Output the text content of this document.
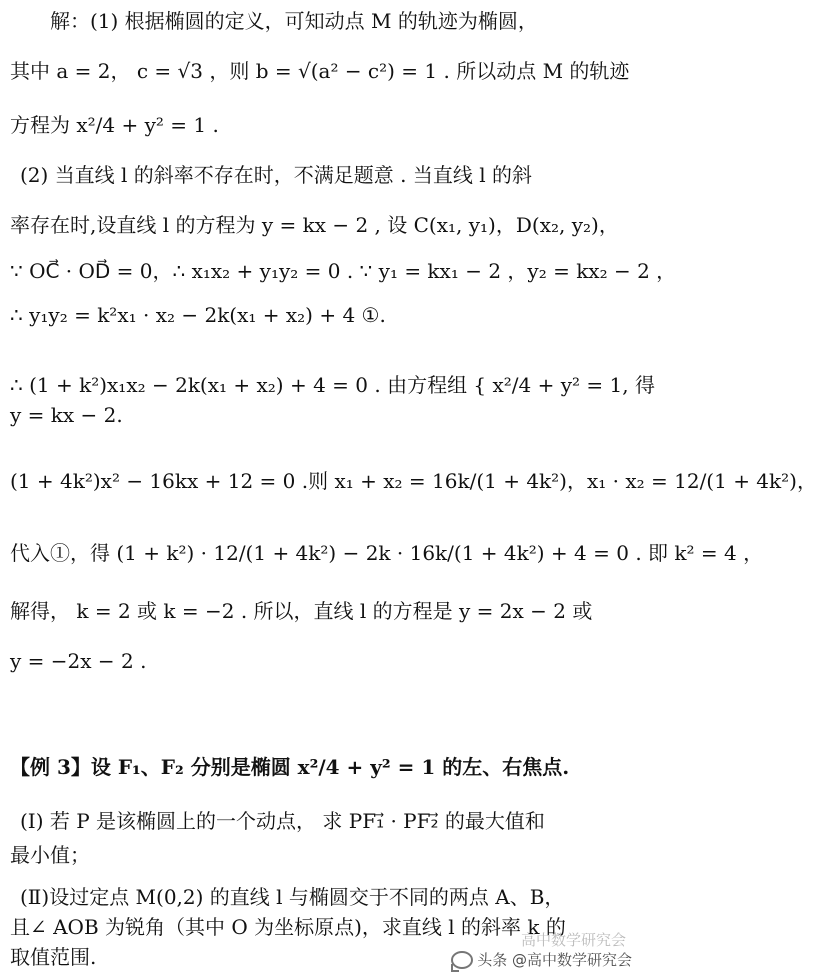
解：(1) 根据椭圆的定义，可知动点 M 的轨迹为椭圆，
其中 a = 2， c = √3 ，则 b = √(a² − c²) = 1 . 所以动点 M 的轨迹
方程为 x²/4 + y² = 1 .
(2) 当直线 l 的斜率不存在时，不满足题意 . 当直线 l 的斜
率存在时,设直线 l 的方程为 y = kx − 2 , 设 C(x₁, y₁)，D(x₂, y₂)，
∵ OC⃗ · OD⃗ = 0，∴ x₁x₂ + y₁y₂ = 0 . ∵ y₁ = kx₁ − 2 ，y₂ = kx₂ − 2 ，
∴ y₁y₂ = k²x₁ · x₂ − 2k(x₁ + x₂) + 4 ①.
∴ (1 + k²)x₁x₂ − 2k(x₁ + x₂) + 4 = 0 . 由方程组 { x²/4 + y² = 1, 得
y = kx − 2.
(1 + 4k²)x² − 16kx + 12 = 0 .则 x₁ + x₂ = 16k/(1 + 4k²)，x₁ · x₂ = 12/(1 + 4k²)，
代入①，得 (1 + k²) · 12/(1 + 4k²) − 2k · 16k/(1 + 4k²) + 4 = 0 . 即 k² = 4 ，
解得， k = 2 或 k = −2 . 所以，直线 l 的方程是 y = 2x − 2 或
y = −2x − 2 .
【例 3】设 F₁、F₂ 分别是椭圆 x²/4 + y² = 1 的左、右焦点.
(Ⅰ) 若 P 是该椭圆上的一个动点， 求 PF₁⃗ · PF₂⃗ 的最大值和
最小值；
(Ⅱ)设过定点 M(0,2) 的直线 l 与椭圆交于不同的两点 A、B，
且∠ AOB 为锐角（其中 O 为坐标原点)，求直线 l 的斜率 k 的
取值范围.
高中数学研究会
头条 @高中数学研究会
